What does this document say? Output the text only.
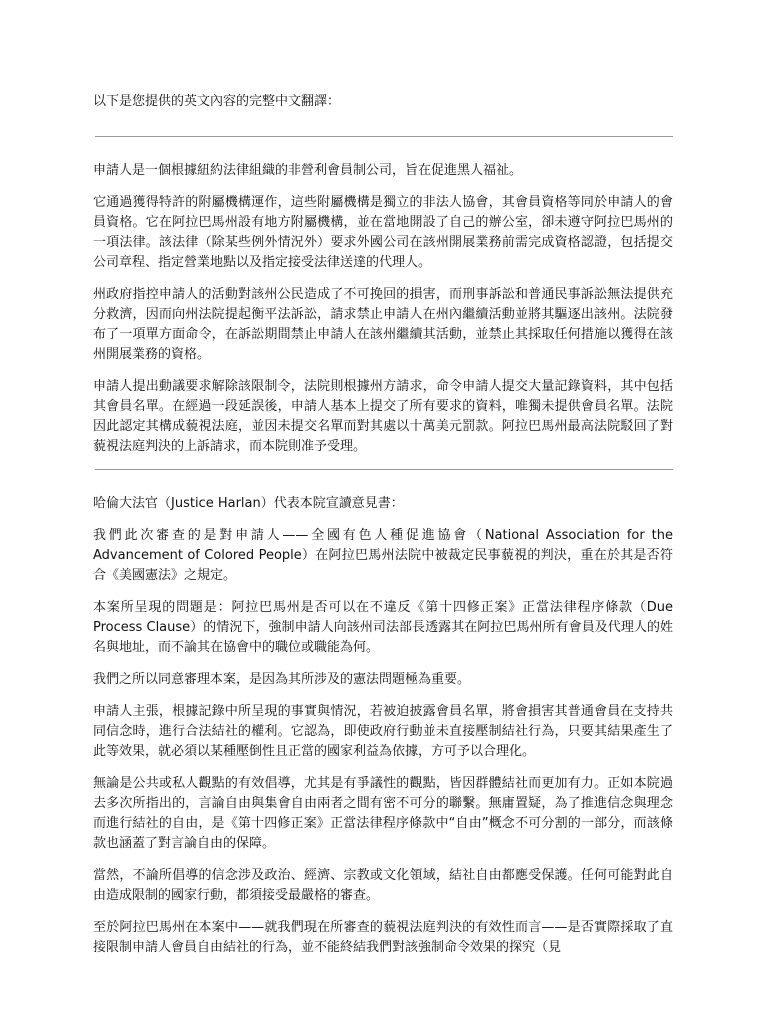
以下是您提供的英文內容的完整中文翻譯：

申請人是一個根據紐約法律組織的非營利會員制公司，旨在促進黑人福祉。

它通過獲得特許的附屬機構運作，這些附屬機構是獨立的非法人協會，其會員資格等同於申請人的會員資格。它在阿拉巴馬州設有地方附屬機構，並在當地開設了自己的辦公室，卻未遵守阿拉巴馬州的一項法律。該法律（除某些例外情況外）要求外國公司在該州開展業務前需完成資格認證，包括提交公司章程、指定營業地點以及指定接受法律送達的代理人。

州政府指控申請人的活動對該州公民造成了不可挽回的損害，而刑事訴訟和普通民事訴訟無法提供充分救濟，因而向州法院提起衡平法訴訟，請求禁止申請人在州內繼續活動並將其驅逐出該州。法院發布了一項單方面命令，在訴訟期間禁止申請人在該州繼續其活動，並禁止其採取任何措施以獲得在該州開展業務的資格。

申請人提出動議要求解除該限制令，法院則根據州方請求，命令申請人提交大量記錄資料，其中包括其會員名單。在經過一段延誤後，申請人基本上提交了所有要求的資料，唯獨未提供會員名單。法院因此認定其構成藐視法庭，並因未提交名單而對其處以十萬美元罰款。阿拉巴馬州最高法院駁回了對藐視法庭判決的上訴請求，而本院則准予受理。

哈倫大法官（Justice Harlan）代表本院宣讀意見書：

我們此次審查的是對申請人——全國有色人種促進協會（National Association for the Advancement of Colored People）在阿拉巴馬州法院中被裁定民事藐視的判決，重在於其是否符合《美國憲法》之規定。

本案所呈現的問題是：阿拉巴馬州是否可以在不違反《第十四修正案》正當法律程序條款（Due Process Clause）的情況下，強制申請人向該州司法部長透露其在阿拉巴馬州所有會員及代理人的姓名與地址，而不論其在協會中的職位或職能為何。

我們之所以同意審理本案，是因為其所涉及的憲法問題極為重要。

申請人主張，根據記錄中所呈現的事實與情況，若被迫披露會員名單，將會損害其普通會員在支持共同信念時，進行合法結社的權利。它認為，即使政府行動並未直接壓制結社行為，只要其結果產生了此等效果，就必須以某種壓倒性且正當的國家利益為依據，方可予以合理化。

無論是公共或私人觀點的有效倡導，尤其是有爭議性的觀點，皆因群體結社而更加有力。正如本院過去多次所指出的，言論自由與集會自由兩者之間有密不可分的聯繫。無庸置疑，為了推進信念與理念而進行結社的自由，是《第十四修正案》正當法律程序條款中“自由”概念不可分割的一部分，而該條款也涵蓋了對言論自由的保障。

當然，不論所倡導的信念涉及政治、經濟、宗教或文化領域，結社自由都應受保護。任何可能對此自由造成限制的國家行動，都須接受最嚴格的審查。

至於阿拉巴馬州在本案中——就我們現在所審查的藐視法庭判決的有效性而言——是否實際採取了直接限制申請人會員自由結社的行為，並不能終結我們對該強制命令效果的探究（見
